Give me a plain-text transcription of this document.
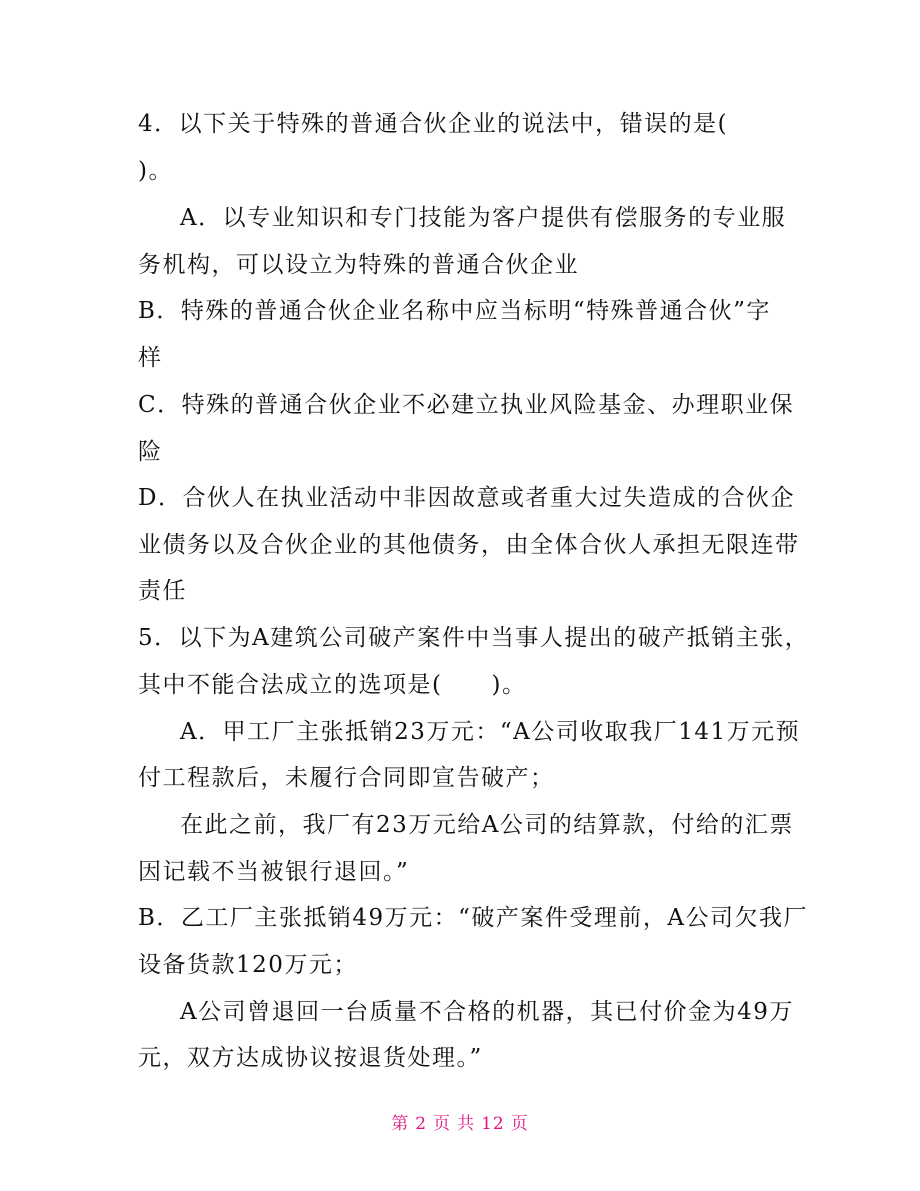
4．以下关于特殊的普通合伙企业的说法中，错误的是(
)。
A．以专业知识和专门技能为客户提供有偿服务的专业服
务机构，可以设立为特殊的普通合伙企业
B．特殊的普通合伙企业名称中应当标明“特殊普通合伙”字
样
C．特殊的普通合伙企业不必建立执业风险基金、办理职业保
险
D．合伙人在执业活动中非因故意或者重大过失造成的合伙企
业债务以及合伙企业的其他债务，由全体合伙人承担无限连带
责任
5．以下为A建筑公司破产案件中当事人提出的破产抵销主张，
其中不能合法成立的选项是(　　)。
A．甲工厂主张抵销23万元：“A公司收取我厂141万元预
付工程款后，未履行合同即宣告破产；
在此之前，我厂有23万元给A公司的结算款，付给的汇票
因记载不当被银行退回。”
B．乙工厂主张抵销49万元：“破产案件受理前，A公司欠我厂
设备货款120万元；
A公司曾退回一台质量不合格的机器，其已付价金为49万
元，双方达成协议按退货处理。”
第 2 页 共 12 页
